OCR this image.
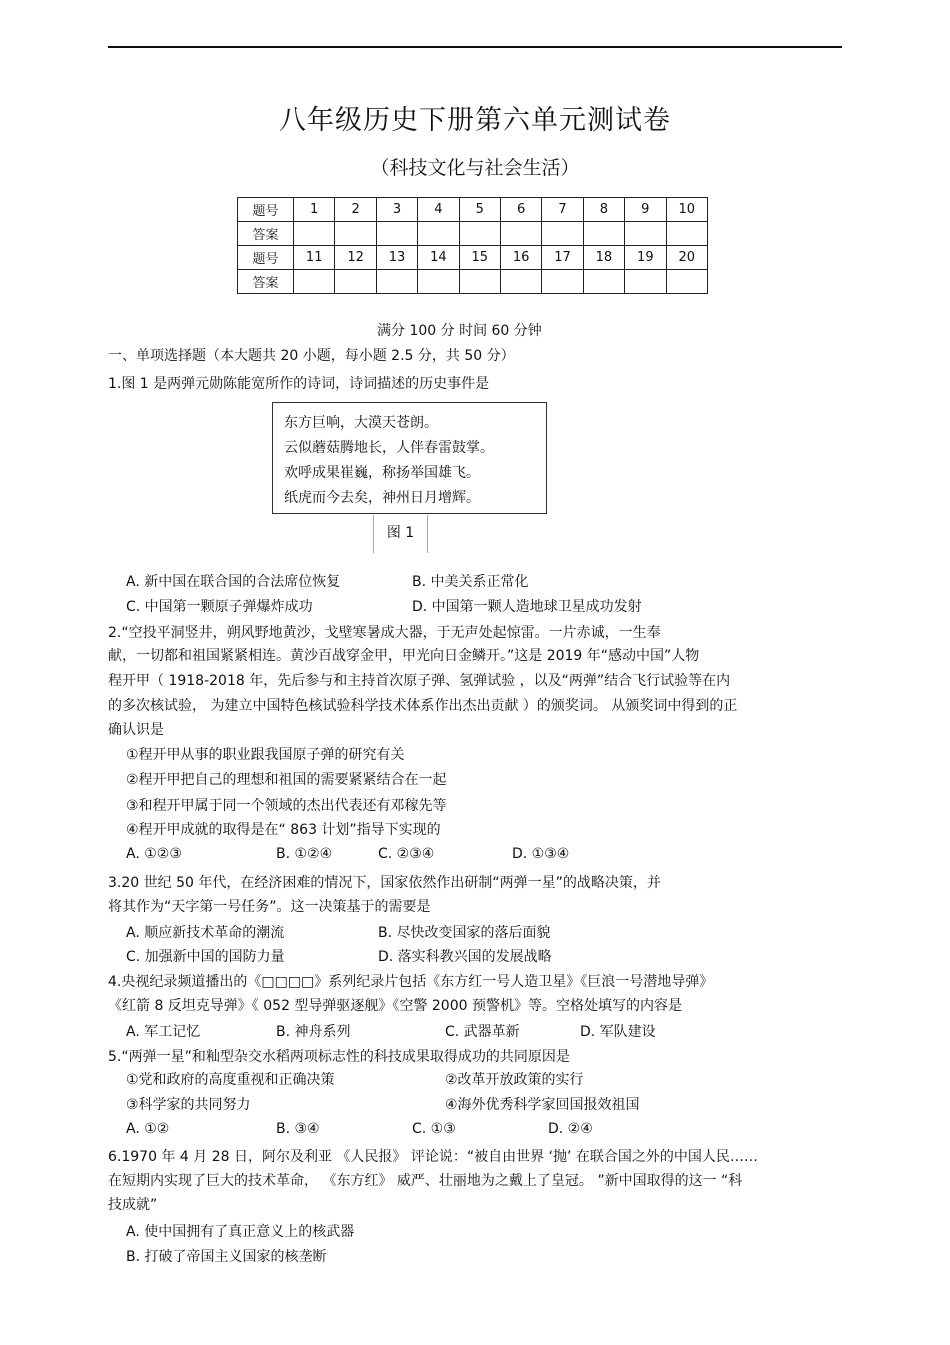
八年级历史下册第六单元测试卷
（科技文化与社会生活）
题号	1	2	3	4	5	6	7	8	9	10
答案										
题号	11	12	13	14	15	16	17	18	19	20
答案										
满分 100 分 时间 60 分钟
一、单项选择题（本大题共 20 小题，每小题 2.5 分，共 50 分）
1.图 1 是两弹元勋陈能宽所作的诗词，诗词描述的历史事件是
东方巨响，大漠天苍朗。
云似蘑菇腾地长，人伴春雷鼓掌。
欢呼成果崔巍，称扬举国雄飞。
纸虎而今去矣，神州日月增辉。
图 1
A. 新中国在联合国的合法席位恢复	B. 中美关系正常化
C. 中国第一颗原子弹爆炸成功	D. 中国第一颗人造地球卫星成功发射
2.“空投平洞竖井，朔风野地黄沙，戈壁寒暑成大器，于无声处起惊雷。一片赤诚，一生奉
献，一切都和祖国紧紧相连。黄沙百战穿金甲，甲光向日金鳞开。”这是 2019 年“感动中国”人物
程开甲（ 1918-2018 年，先后参与和主持首次原子弹、氢弹试验 ，以及“两弹”结合飞行试验等在内
的多次核试验， 为建立中国特色核试验科学技术体系作出杰出贡献 ）的颁奖词。 从颁奖词中得到的正
确认识是
①程开甲从事的职业跟我国原子弹的研究有关
②程开甲把自己的理想和祖国的需要紧紧结合在一起
③和程开甲属于同一个领域的杰出代表还有邓稼先等
④程开甲成就的取得是在“ 863 计划”指导下实现的
A. ①②③	B. ①②④	C. ②③④	D. ①③④
3.20 世纪 50 年代，在经济困难的情况下，国家依然作出研制“两弹一星”的战略决策，并
将其作为“天字第一号任务”。这一决策基于的需要是
A. 顺应新技术革命的潮流	B. 尽快改变国家的落后面貌
C. 加强新中国的国防力量	D. 落实科教兴国的发展战略
4.央视纪录频道播出的《□□□□》系列纪录片包括《东方红一号人造卫星》《巨浪一号潜地导弹》
《红箭 8 反坦克导弹》《 052 型导弹驱逐舰》《空警 2000 预警机》等。空格处填写的内容是
A. 军工记忆	B. 神舟系列	C. 武器革新	D. 军队建设
5.“两弹一星”和籼型杂交水稻两项标志性的科技成果取得成功的共同原因是
①党和政府的高度重视和正确决策	②改革开放政策的实行
③科学家的共同努力	④海外优秀科学家回国报效祖国
A. ①②	B. ③④	C. ①③	D. ②④
6.1970 年 4 月 28 日，阿尔及利亚 《人民报》 评论说：“被自由世界 ‘抛’ 在联合国之外的中国人民……
在短期内实现了巨大的技术革命， 《东方红》 威严、壮丽地为之戴上了皇冠。 ”新中国取得的这一 “科
技成就”
A. 使中国拥有了真正意义上的核武器
B. 打破了帝国主义国家的核垄断
